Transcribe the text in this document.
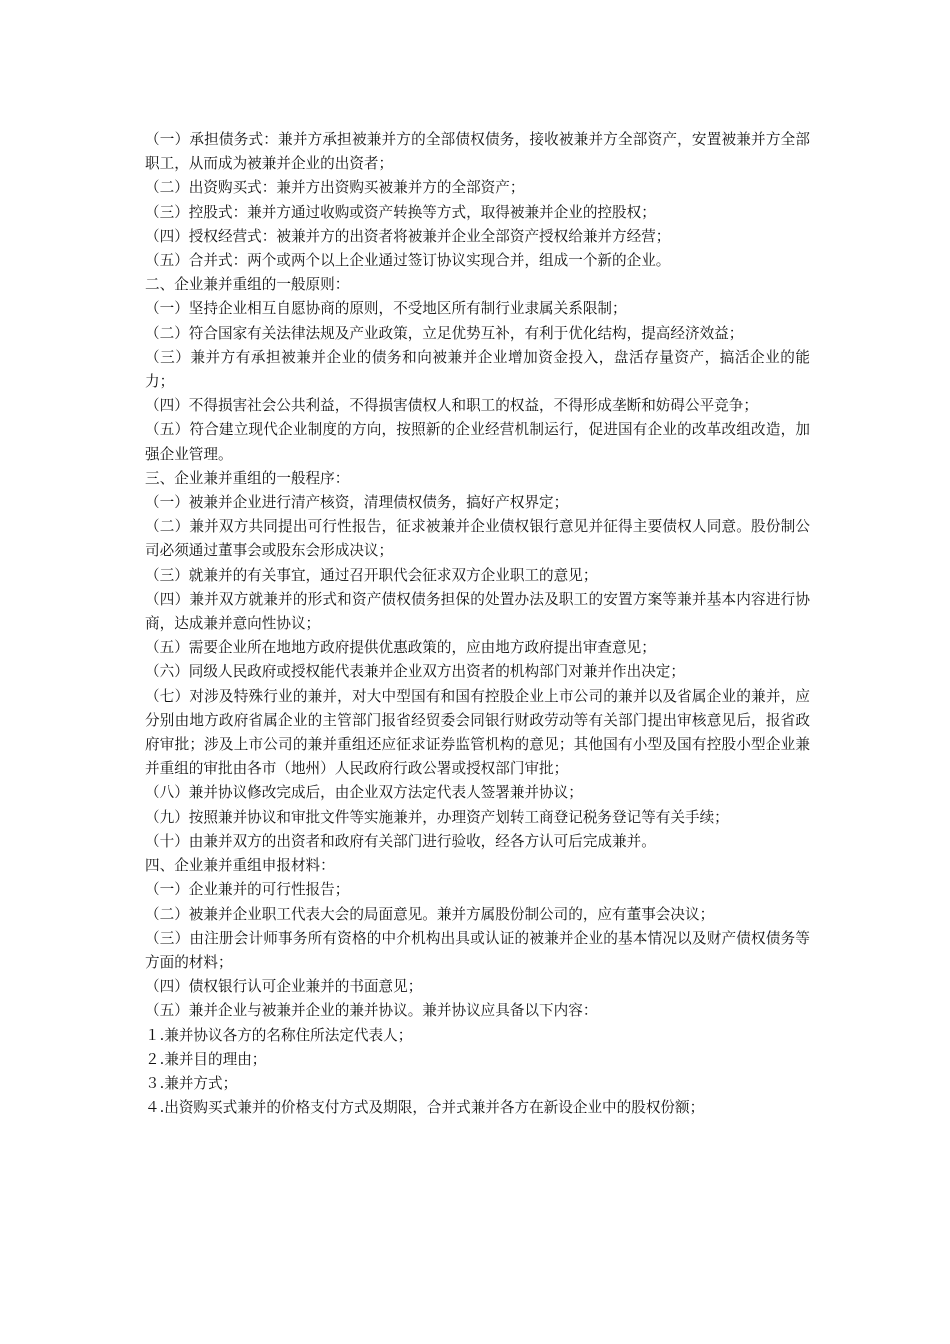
（一）承担债务式：兼并方承担被兼并方的全部债权债务，接收被兼并方全部资产，安置被兼并方全部职工，从而成为被兼并企业的出资者；

（二）出资购买式：兼并方出资购买被兼并方的全部资产；

（三）控股式：兼并方通过收购或资产转换等方式，取得被兼并企业的控股权；

（四）授权经营式：被兼并方的出资者将被兼并企业全部资产授权给兼并方经营；

（五）合并式：两个或两个以上企业通过签订协议实现合并，组成一个新的企业。

二、企业兼并重组的一般原则：

（一）坚持企业相互自愿协商的原则，不受地区所有制行业隶属关系限制；

（二）符合国家有关法律法规及产业政策，立足优势互补，有利于优化结构，提高经济效益；

（三）兼并方有承担被兼并企业的债务和向被兼并企业增加资金投入，盘活存量资产，搞活企业的能力；

（四）不得损害社会公共利益，不得损害债权人和职工的权益，不得形成垄断和妨碍公平竞争；

（五）符合建立现代企业制度的方向，按照新的企业经营机制运行，促进国有企业的改革改组改造，加强企业管理。

三、企业兼并重组的一般程序：

（一）被兼并企业进行清产核资，清理债权债务，搞好产权界定；

（二）兼并双方共同提出可行性报告，征求被兼并企业债权银行意见并征得主要债权人同意。股份制公司必须通过董事会或股东会形成决议；

（三）就兼并的有关事宜，通过召开职代会征求双方企业职工的意见；

（四）兼并双方就兼并的形式和资产债权债务担保的处置办法及职工的安置方案等兼并基本内容进行协商，达成兼并意向性协议；

（五）需要企业所在地地方政府提供优惠政策的，应由地方政府提出审查意见；

（六）同级人民政府或授权能代表兼并企业双方出资者的机构部门对兼并作出决定；

（七）对涉及特殊行业的兼并，对大中型国有和国有控股企业上市公司的兼并以及省属企业的兼并，应分别由地方政府省属企业的主管部门报省经贸委会同银行财政劳动等有关部门提出审核意见后，报省政府审批；涉及上市公司的兼并重组还应征求证券监管机构的意见；其他国有小型及国有控股小型企业兼并重组的审批由各市（地州）人民政府行政公署或授权部门审批；

（八）兼并协议修改完成后，由企业双方法定代表人签署兼并协议；

（九）按照兼并协议和审批文件等实施兼并，办理资产划转工商登记税务登记等有关手续；

（十）由兼并双方的出资者和政府有关部门进行验收，经各方认可后完成兼并。

四、企业兼并重组申报材料：

（一）企业兼并的可行性报告；

（二）被兼并企业职工代表大会的局面意见。兼并方属股份制公司的，应有董事会决议；

（三）由注册会计师事务所有资格的中介机构出具或认证的被兼并企业的基本情况以及财产债权债务等方面的材料；

（四）债权银行认可企业兼并的书面意见；

（五）兼并企业与被兼并企业的兼并协议。兼并协议应具备以下内容：

１.兼并协议各方的名称住所法定代表人；

２.兼并目的理由；

３.兼并方式；

４.出资购买式兼并的价格支付方式及期限，合并式兼并各方在新设企业中的股权份额；
